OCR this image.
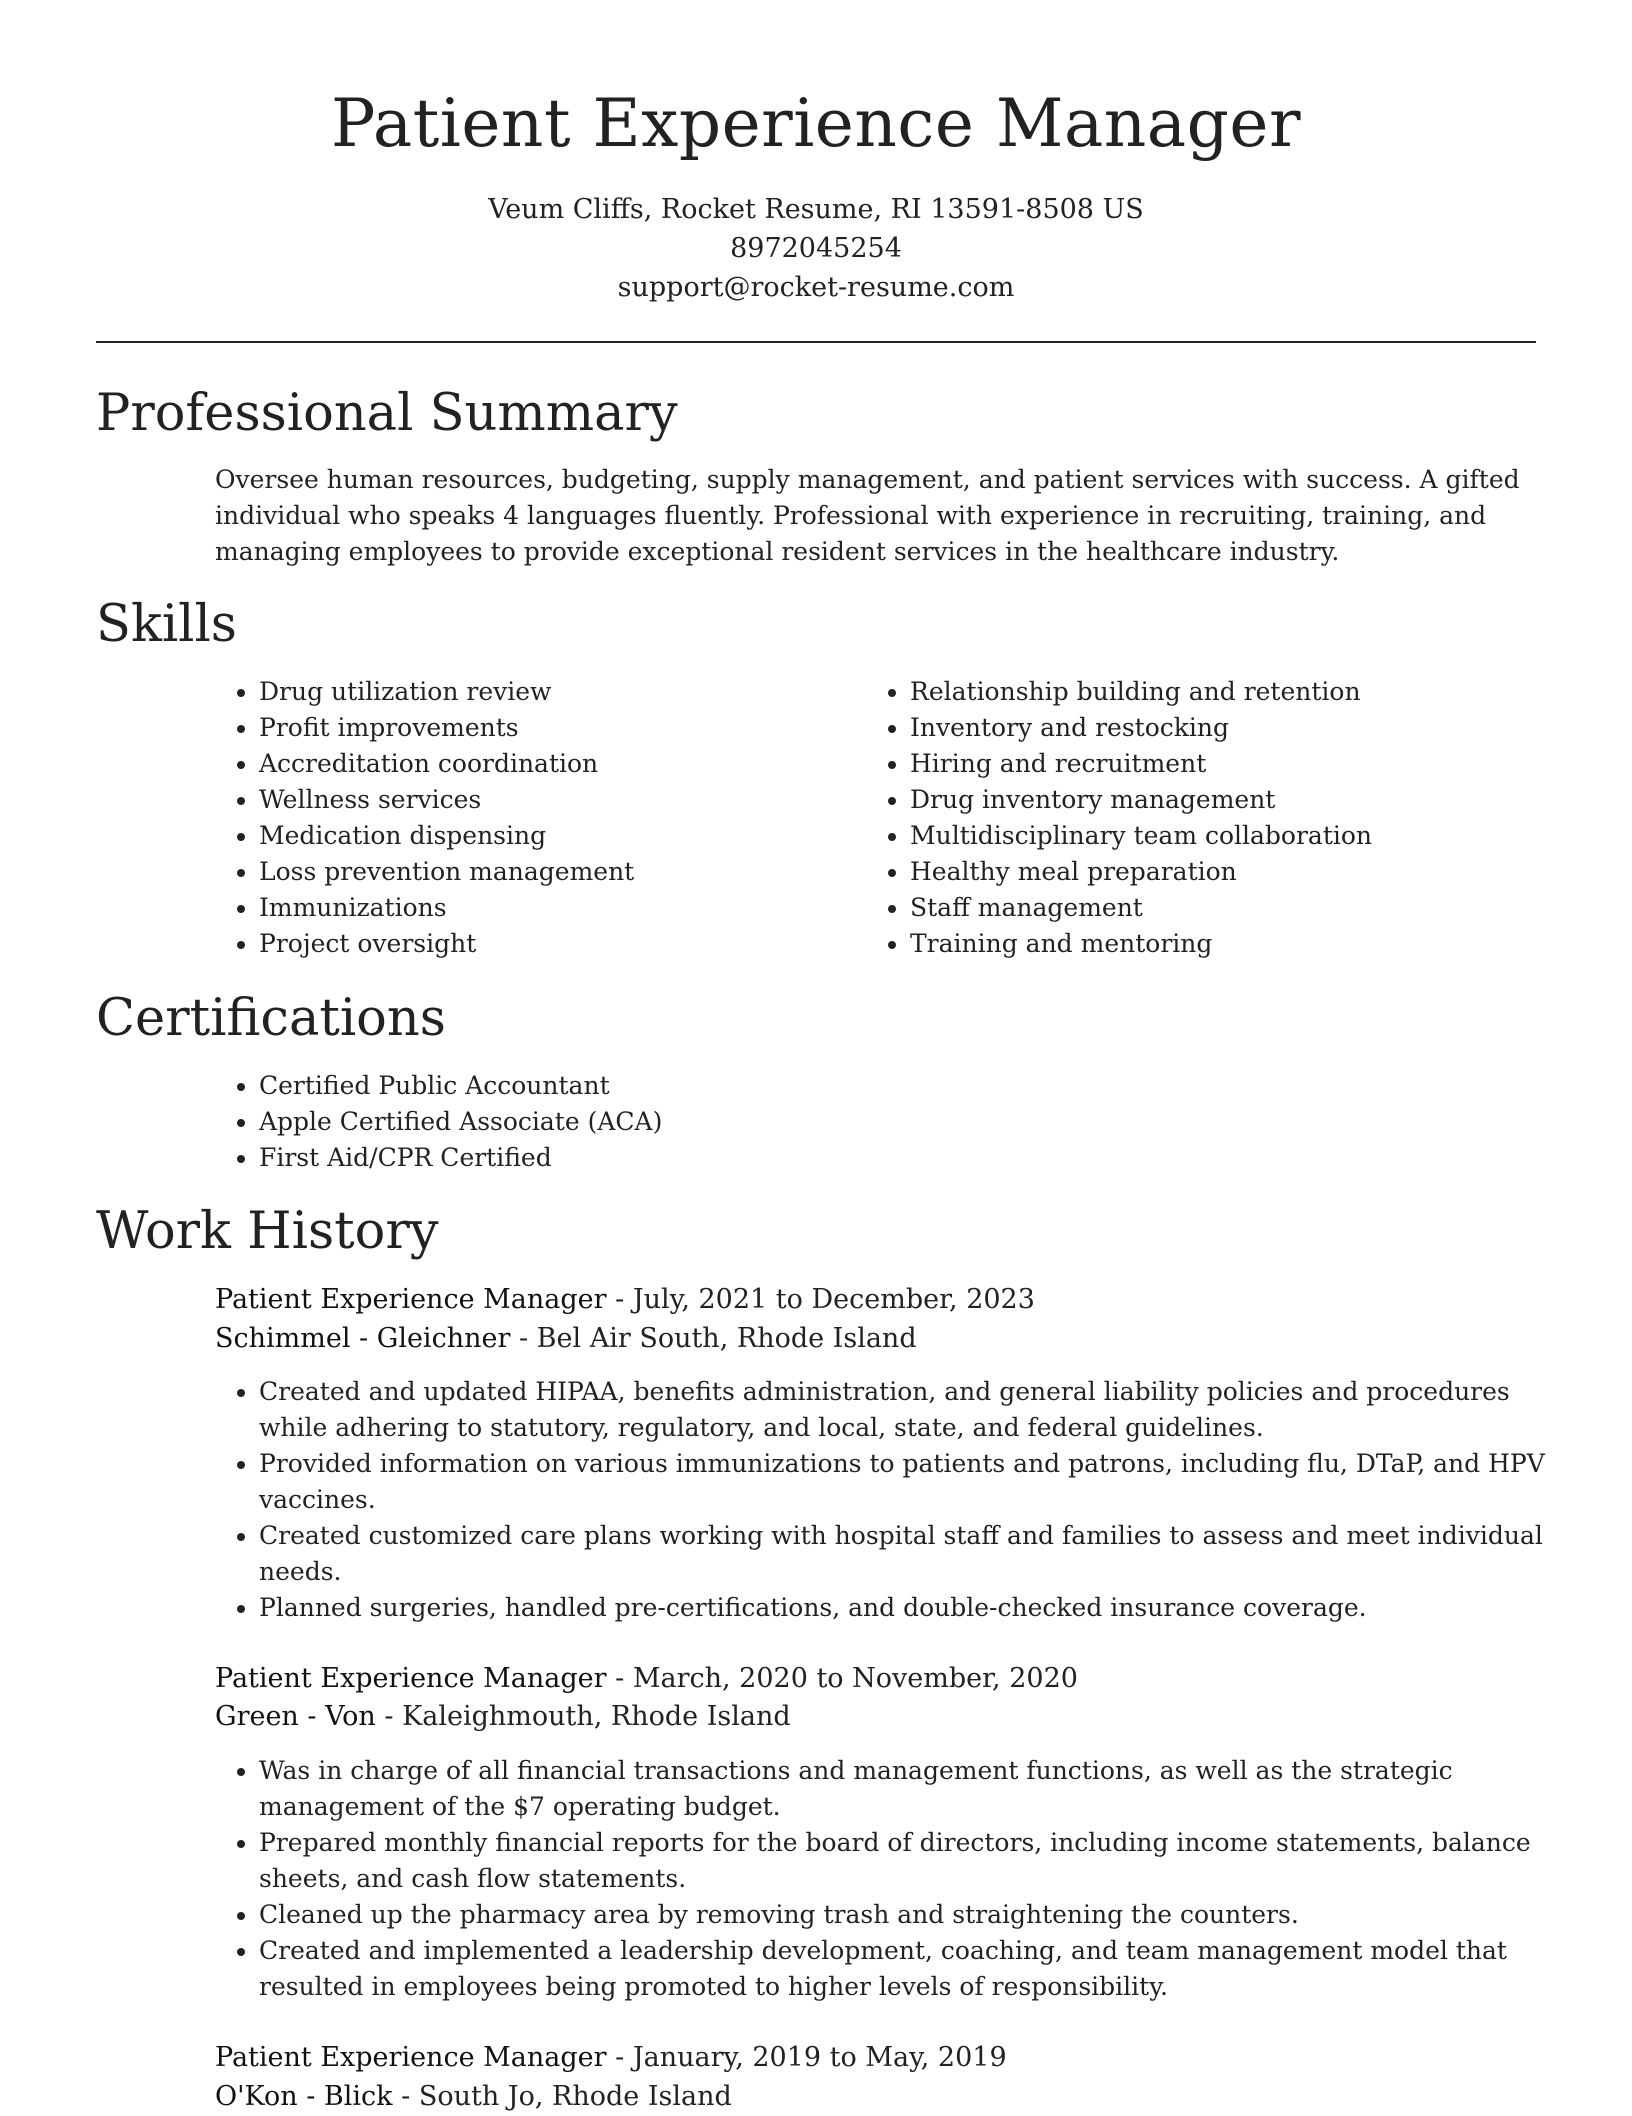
Patient Experience Manager
Veum Cliffs, Rocket Resume, RI 13591-8508 US
8972045254
support@rocket-resume.com
Professional Summary

Oversee human resources, budgeting, supply management, and patient services with success. A gifted individual who speaks 4 languages fluently. Professional with experience in recruiting, training, and managing employees to provide exceptional resident services in the healthcare industry.

Skills
• Drug utilization review
• Profit improvements
• Accreditation coordination
• Wellness services
• Medication dispensing
• Loss prevention management
• Immunizations
• Project oversight
• Relationship building and retention
• Inventory and restocking
• Hiring and recruitment
• Drug inventory management
• Multidisciplinary team collaboration
• Healthy meal preparation
• Staff management
• Training and mentoring
Certifications
• Certified Public Accountant
• Apple Certified Associate (ACA)
• First Aid/CPR Certified
Work History
Patient Experience Manager - July, 2021 to December, 2023
Schimmel - Gleichner - Bel Air South, Rhode Island
• Created and updated HIPAA, benefits administration, and general liability policies and procedures while adhering to statutory, regulatory, and local, state, and federal guidelines.
• Provided information on various immunizations to patients and patrons, including flu, DTaP, and HPV vaccines.
• Created customized care plans working with hospital staff and families to assess and meet individual needs.
• Planned surgeries, handled pre-certifications, and double-checked insurance coverage.
Patient Experience Manager - March, 2020 to November, 2020
Green - Von - Kaleighmouth, Rhode Island
• Was in charge of all financial transactions and management functions, as well as the strategic management of the $7 operating budget.
• Prepared monthly financial reports for the board of directors, including income statements, balance sheets, and cash flow statements.
• Cleaned up the pharmacy area by removing trash and straightening the counters.
• Created and implemented a leadership development, coaching, and team management model that resulted in employees being promoted to higher levels of responsibility.
Patient Experience Manager - January, 2019 to May, 2019
O'Kon - Blick - South Jo, Rhode Island
